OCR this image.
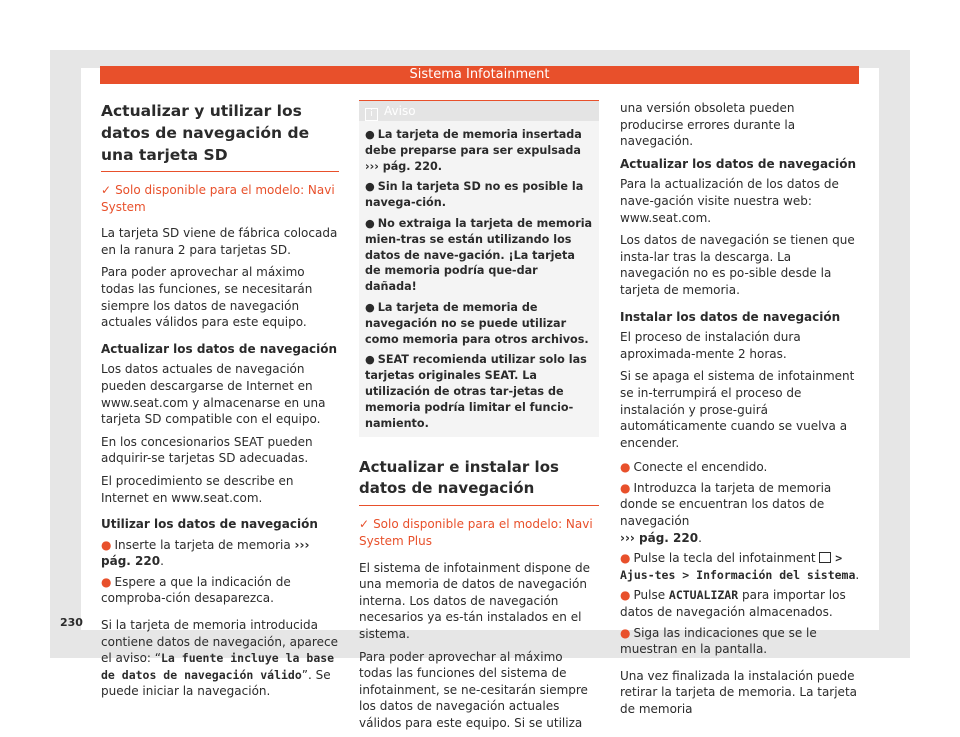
Sistema Infotainment
Actualizar y utilizar los datos de navegación de una tarjeta SD

✓ Solo disponible para el modelo: Navi System

La tarjeta SD viene de fábrica colocada en la ranura 2 para tarjetas SD.

Para poder aprovechar al máximo todas las funciones, se necesitarán siempre los datos de navegación actuales válidos para este equipo.

Actualizar los datos de navegación

Los datos actuales de navegación pueden descargarse de Internet en www.seat.com y almacenarse en una tarjeta SD compatible con el equipo.

En los concesionarios SEAT pueden adquirir-se tarjetas SD adecuadas.

El procedimiento se describe en Internet en www.seat.com.

Utilizar los datos de navegación

● Inserte la tarjeta de memoria ››› pág. 220.

● Espere a que la indicación de comproba-ción desaparezca.

Si la tarjeta de memoria introducida contiene datos de navegación, aparece el aviso: “La fuente incluye la base de datos de navegación válido”. Se puede iniciar la navegación.

i Aviso

● La tarjeta de memoria insertada debe preparse para ser expulsada ››› pág. 220.

● Sin la tarjeta SD no es posible la navega-ción.

● No extraiga la tarjeta de memoria mien-tras se están utilizando los datos de nave-gación. ¡La tarjeta de memoria podría que-dar dañada!

● La tarjeta de memoria de navegación no se puede utilizar como memoria para otros archivos.

● SEAT recomienda utilizar solo las tarjetas originales SEAT. La utilización de otras tar-jetas de memoria podría limitar el funcio-namiento.

Actualizar e instalar los datos de navegación

✓ Solo disponible para el modelo: Navi System Plus

El sistema de infotainment dispone de una memoria de datos de navegación interna. Los datos de navegación necesarios ya es-tán instalados en el sistema.

Para poder aprovechar al máximo todas las funciones del sistema de infotainment, se ne-cesitarán siempre los datos de navegación actuales válidos para este equipo. Si se utiliza

una versión obsoleta pueden producirse errores durante la navegación.

Actualizar los datos de navegación

Para la actualización de los datos de nave-gación visite nuestra web: www.seat.com.

Los datos de navegación se tienen que insta-lar tras la descarga. La navegación no es po-sible desde la tarjeta de memoria.

Instalar los datos de navegación

El proceso de instalación dura aproximada-mente 2 horas.

Si se apaga el sistema de infotainment se in-terrumpirá el proceso de instalación y prose-guirá automáticamente cuando se vuelva a encender.

● Conecte el encendido.

● Introduzca la tarjeta de memoria donde se encuentran los datos de navegación
››› pág. 220.

● Pulse la tecla del infotainment  > Ajus-tes > Información del sistema.

● Pulse ACTUALIZAR para importar los datos de navegación almacenados.

● Siga las indicaciones que se le muestran en la pantalla.

Una vez finalizada la instalación puede retirar la tarjeta de memoria. La tarjeta de memoria

230
